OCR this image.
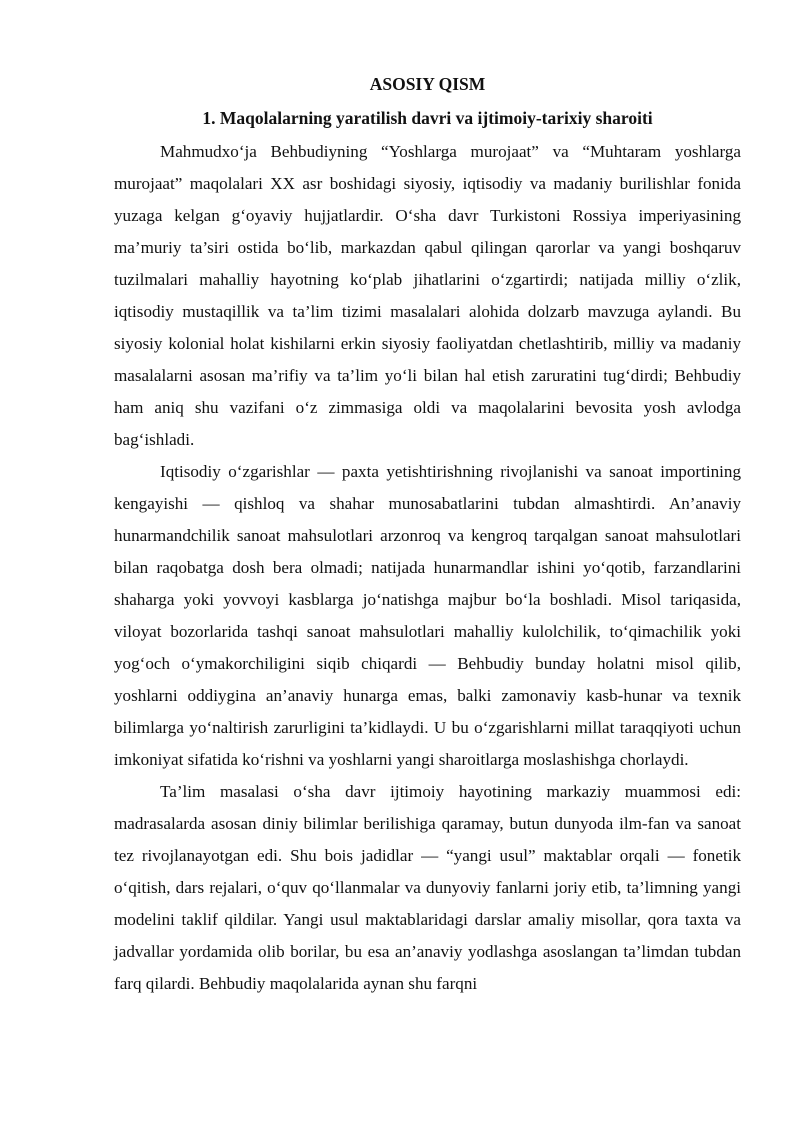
ASOSIY QISM

1. Maqolalarning yaratilish davri va ijtimoiy-tarixiy sharoiti

Mahmudxo‘ja Behbudiyning “Yoshlarga murojaat” va “Muhtaram yoshlarga murojaat” maqolalari XX asr boshidagi siyosiy, iqtisodiy va madaniy burilishlar fonida yuzaga kelgan g‘oyaviy hujjatlardir. O‘sha davr Turkistoni Rossiya imperiyasining ma’muriy ta’siri ostida bo‘lib, markazdan qabul qilingan qarorlar va yangi boshqaruv tuzilmalari mahalliy hayotning ko‘plab jihatlarini o‘zgartirdi; natijada milliy o‘zlik, iqtisodiy mustaqillik va ta’lim tizimi masalalari alohida dolzarb mavzuga aylandi. Bu siyosiy kolonial holat kishilarni erkin siyosiy faoliyatdan chetlashtirib, milliy va madaniy masalalarni asosan ma’rifiy va ta’lim yo‘li bilan hal etish zaruratini tug‘dirdi; Behbudiy ham aniq shu vazifani o‘z zimmasiga oldi va maqolalarini bevosita yosh avlodga bag‘ishladi.

Iqtisodiy o‘zgarishlar — paxta yetishtirishning rivojlanishi va sanoat importining kengayishi — qishloq va shahar munosabatlarini tubdan almashtirdi. An’anaviy hunarmandchilik sanoat mahsulotlari arzonroq va kengroq tarqalgan sanoat mahsulotlari bilan raqobatga dosh bera olmadi; natijada hunarmandlar ishini yo‘qotib, farzandlarini shaharga yoki yovvoyi kasblarga jo‘natishga majbur bo‘la boshladi. Misol tariqasida, viloyat bozorlarida tashqi sanoat mahsulotlari mahalliy kulolchilik, to‘qimachilik yoki yog‘och o‘ymakorchiligini siqib chiqardi — Behbudiy bunday holatni misol qilib, yoshlarni oddiygina an’anaviy hunarga emas, balki zamonaviy kasb-hunar va texnik bilimlarga yo‘naltirish zarurligini ta’kidlaydi. U bu o‘zgarishlarni millat taraqqiyoti uchun imkoniyat sifatida ko‘rishni va yoshlarni yangi sharoitlarga moslashishga chorlaydi.

Ta’lim masalasi o‘sha davr ijtimoiy hayotining markaziy muammosi edi: madrasalarda asosan diniy bilimlar berilishiga qaramay, butun dunyoda ilm-fan va sanoat tez rivojlanayotgan edi. Shu bois jadidlar — “yangi usul” maktablar orqali — fonetik o‘qitish, dars rejalari, o‘quv qo‘llanmalar va dunyoviy fanlarni joriy etib, ta’limning yangi modelini taklif qildilar. Yangi usul maktablaridagi darslar amaliy misollar, qora taxta va jadvallar yordamida olib borilar, bu esa an’anaviy yodlashga asoslangan ta’limdan tubdan farq qilardi. Behbudiy maqolalarida aynan shu farqni
